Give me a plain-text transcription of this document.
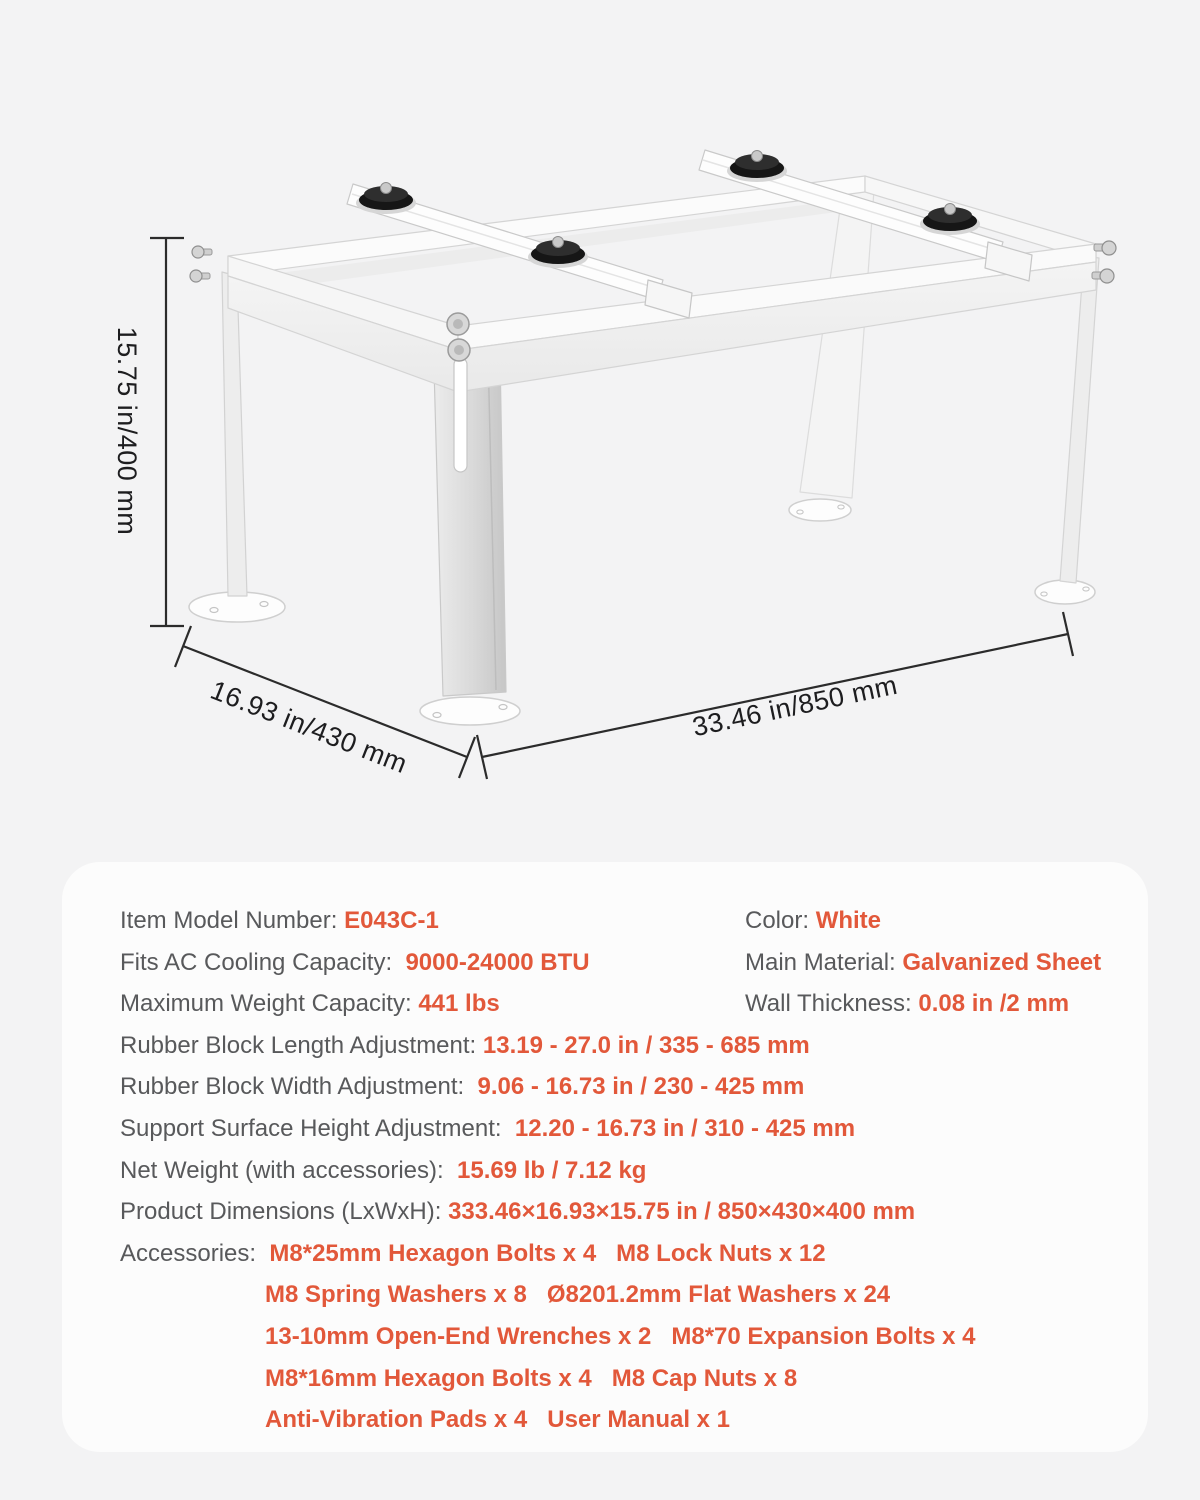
15.75 in/400 mm
16.93 in/430 mm	33.46 in/850 mm
Item Model Number: E043C-1	Color: White
Fits AC Cooling Capacity:  9000-24000 BTU	Main Material: Galvanized Sheet
Maximum Weight Capacity: 441 lbs	Wall Thickness: 0.08 in /2 mm
Rubber Block Length Adjustment: 13.19 - 27.0 in / 335 - 685 mm
Rubber Block Width Adjustment:  9.06 - 16.73 in / 230 - 425 mm
Support Surface Height Adjustment:  12.20 - 16.73 in / 310 - 425 mm
Net Weight (with accessories):  15.69 lb / 7.12 kg
Product Dimensions (LxWxH): 333.46×16.93×15.75 in / 850×430×400 mm
Accessories:  M8*25mm Hexagon Bolts x 4   M8 Lock Nuts x 12
M8 Spring Washers x 8   Ø8201.2mm Flat Washers x 24
13-10mm Open-End Wrenches x 2   M8*70 Expansion Bolts x 4
M8*16mm Hexagon Bolts x 4   M8 Cap Nuts x 8
Anti-Vibration Pads x 4   User Manual x 1
